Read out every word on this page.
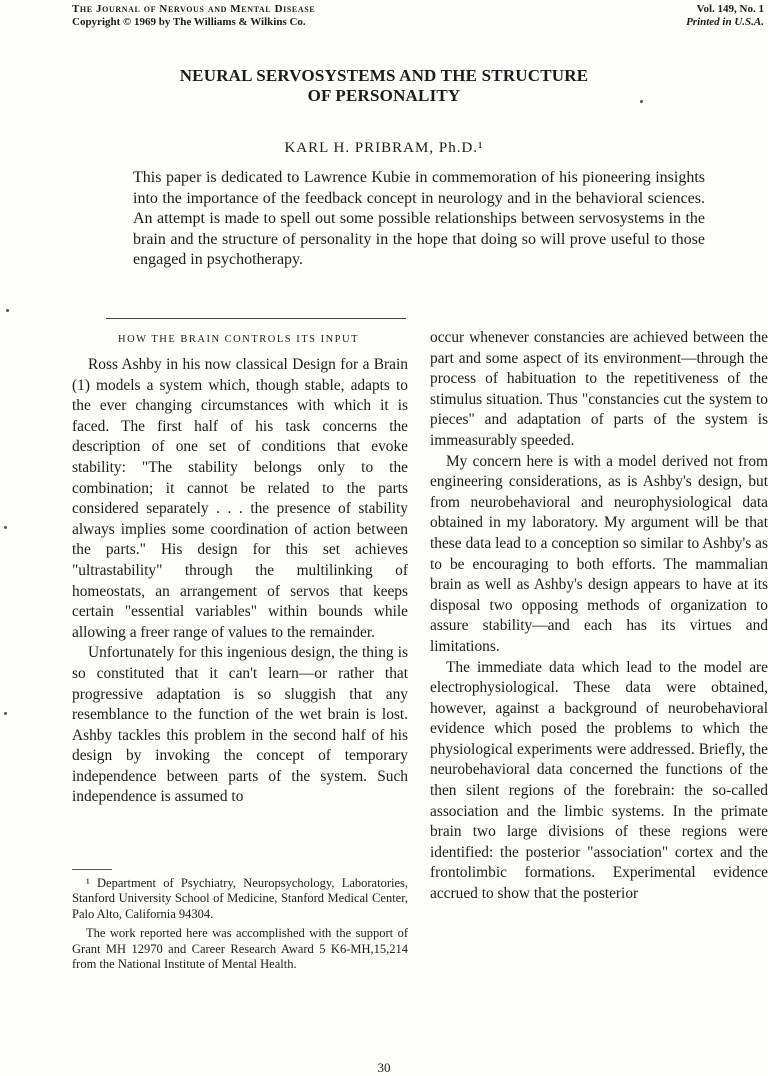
The Journal of Nervous and Mental Disease
Copyright © 1969 by The Williams & Wilkins Co.
Vol. 149, No. 1
Printed in U.S.A.
NEURAL SERVOSYSTEMS AND THE STRUCTURE
OF PERSONALITY
KARL H. PRIBRAM, Ph.D.¹
This paper is dedicated to Lawrence Kubie in commemoration of his pioneering insights into the importance of the feedback concept in neurology and in the behavioral sciences. An attempt is made to spell out some possible relationships between servosystems in the brain and the structure of personality in the hope that doing so will prove useful to those engaged in psychotherapy.
HOW THE BRAIN CONTROLS ITS INPUT

Ross Ashby in his now classical Design for a Brain (1) models a system which, though stable, adapts to the ever changing circumstances with which it is faced. The first half of his task concerns the description of one set of conditions that evoke stability: "The stability belongs only to the combination; it cannot be related to the parts considered separately . . . the presence of stability always implies some coordination of action between the parts." His design for this set achieves "ultrastability" through the multilinking of homeostats, an arrangement of servos that keeps certain "essential variables" within bounds while allowing a freer range of values to the remainder.

Unfortunately for this ingenious design, the thing is so constituted that it can't learn—or rather that progressive adaptation is so sluggish that any resemblance to the function of the wet brain is lost. Ashby tackles this problem in the second half of his design by invoking the concept of temporary independence between parts of the system. Such independence is assumed to

¹ Department of Psychiatry, Neuropsychology, Laboratories, Stanford University School of Medicine, Stanford Medical Center, Palo Alto, California 94304.

The work reported here was accomplished with the support of Grant MH 12970 and Career Research Award 5 K6-MH,15,214 from the National Institute of Mental Health.

occur whenever constancies are achieved between the part and some aspect of its environment—through the process of habituation to the repetitiveness of the stimulus situation. Thus "constancies cut the system to pieces" and adaptation of parts of the system is immeasurably speeded.

My concern here is with a model derived not from engineering considerations, as is Ashby's design, but from neurobehavioral and neurophysiological data obtained in my laboratory. My argument will be that these data lead to a conception so similar to Ashby's as to be encouraging to both efforts. The mammalian brain as well as Ashby's design appears to have at its disposal two opposing methods of organization to assure stability—and each has its virtues and limitations.

The immediate data which lead to the model are electrophysiological. These data were obtained, however, against a background of neurobehavioral evidence which posed the problems to which the physiological experiments were addressed. Briefly, the neurobehavioral data concerned the functions of the then silent regions of the forebrain: the so-called association and the limbic systems. In the primate brain two large divisions of these regions were identified: the posterior "association" cortex and the frontolimbic formations. Experimental evidence accrued to show that the posterior

30
